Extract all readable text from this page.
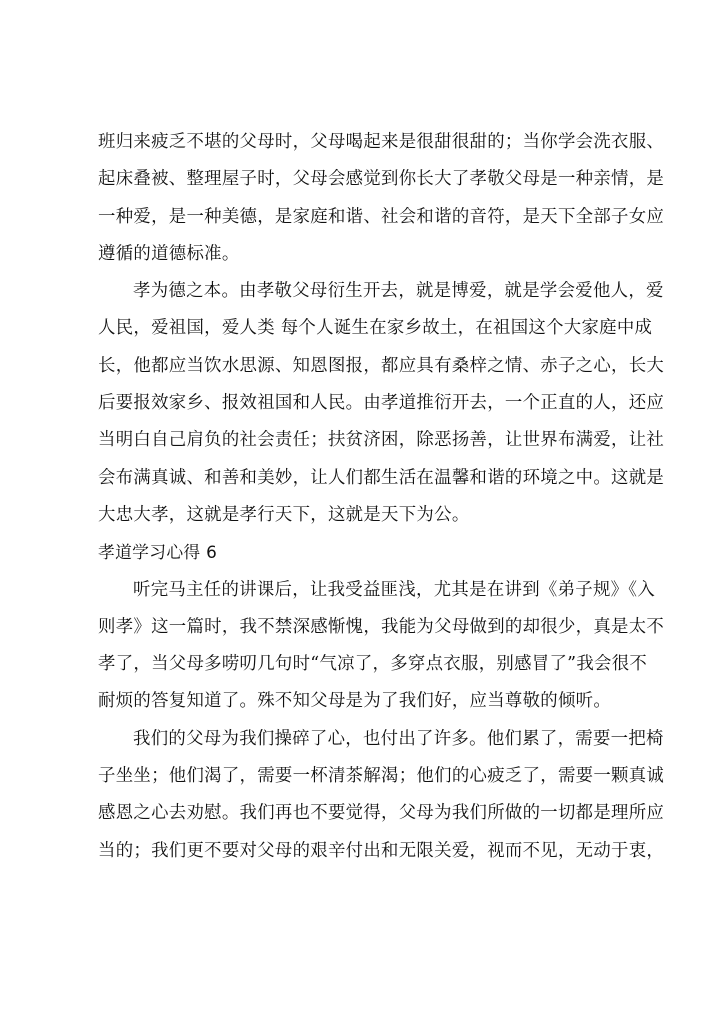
班归来疲乏不堪的父母时，父母喝起来是很甜很甜的；当你学会洗衣服、
起床叠被、整理屋子时，父母会感觉到你长大了孝敬父母是一种亲情，是
一种爱，是一种美德，是家庭和谐、社会和谐的音符，是天下全部子女应
遵循的道德标准。
孝为德之本。由孝敬父母衍生开去，就是博爱，就是学会爱他人，爱
人民，爱祖国，爱人类 每个人诞生在家乡故土，在祖国这个大家庭中成
长，他都应当饮水思源、知恩图报，都应具有桑梓之情、赤子之心，长大
后要报效家乡、报效祖国和人民。由孝道推衍开去，一个正直的人，还应
当明白自己肩负的社会责任；扶贫济困，除恶扬善，让世界布满爱，让社
会布满真诚、和善和美妙，让人们都生活在温馨和谐的环境之中。这就是
大忠大孝，这就是孝行天下，这就是天下为公。
孝道学习心得 6
听完马主任的讲课后，让我受益匪浅，尤其是在讲到《弟子规》《入
则孝》这一篇时，我不禁深感惭愧，我能为父母做到的却很少，真是太不
孝了，当父母多唠叨几句时“气凉了，多穿点衣服，别感冒了”我会很不
耐烦的答复知道了。殊不知父母是为了我们好，应当尊敬的倾听。
我们的父母为我们操碎了心，也付出了许多。他们累了，需要一把椅
子坐坐；他们渴了，需要一杯清茶解渴；他们的心疲乏了，需要一颗真诚
感恩之心去劝慰。我们再也不要觉得，父母为我们所做的一切都是理所应
当的；我们更不要对父母的艰辛付出和无限关爱，视而不见，无动于衷，
